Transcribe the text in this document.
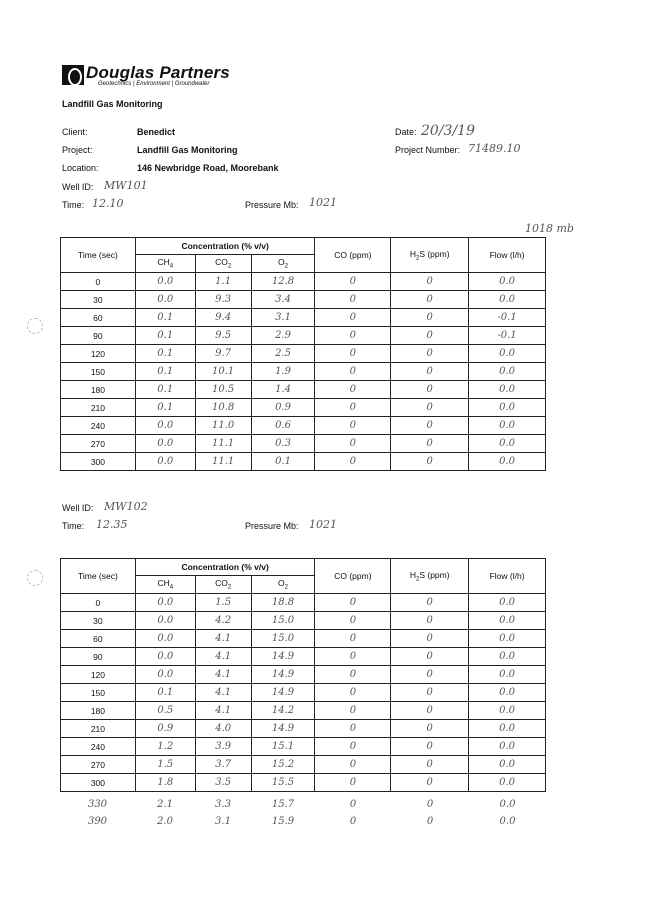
Douglas Partners
Geotechnics | Environment | Groundwater
Landfill Gas Monitoring
Client:	Benedict
Project:	Landfill Gas Monitoring
Location:	146 Newbridge Road, Moorebank
Date: 20/3/19
Project Number: 71489.10
Well ID: MW101
Time: 12.10	Pressure Mb: 1021
1018 mb
Time (sec)	Concentration (% v/v)			CO (ppm)	$H_2S$ (ppm)	Flow (l/h)
	$CH_4$	$CO_2$	$O_2$
0	0.0	1.1	12.8	0	0	0.0
30	0.0	9.3	3.4	0	0	0.0
60	0.1	9.4	3.1	0	0	-0.1
90	0.1	9.5	2.9	0	0	-0.1
120	0.1	9.7	2.5	0	0	0.0
150	0.1	10.1	1.9	0	0	0.0
180	0.1	10.5	1.4	0	0	0.0
210	0.1	10.8	0.9	0	0	0.0
240	0.0	11.0	0.6	0	0	0.0
270	0.0	11.1	0.3	0	0	0.0
300	0.0	11.1	0.1	0	0	0.0
Well ID: MW102
Time: 12.35	Pressure Mb: 1021
Time (sec)	Concentration (% v/v)			CO (ppm)	$H_2S$ (ppm)	Flow (l/h)
	$CH_4$	$CO_2$	$O_2$
0	0.0	1.5	18.8	0	0	0.0
30	0.0	4.2	15.0	0	0	0.0
60	0.0	4.1	15.0	0	0	0.0
90	0.0	4.1	14.9	0	0	0.0
120	0.0	4.1	14.9	0	0	0.0
150	0.1	4.1	14.9	0	0	0.0
180	0.5	4.1	14.2	0	0	0.0
210	0.9	4.0	14.9	0	0	0.0
240	1.2	3.9	15.1	0	0	0.0
270	1.5	3.7	15.2	0	0	0.0
300	1.8	3.5	15.5	0	0	0.0
330	2.1	3.3	15.7	0	0	0.0
390	2.0	3.1	15.9	0	0	0.0
